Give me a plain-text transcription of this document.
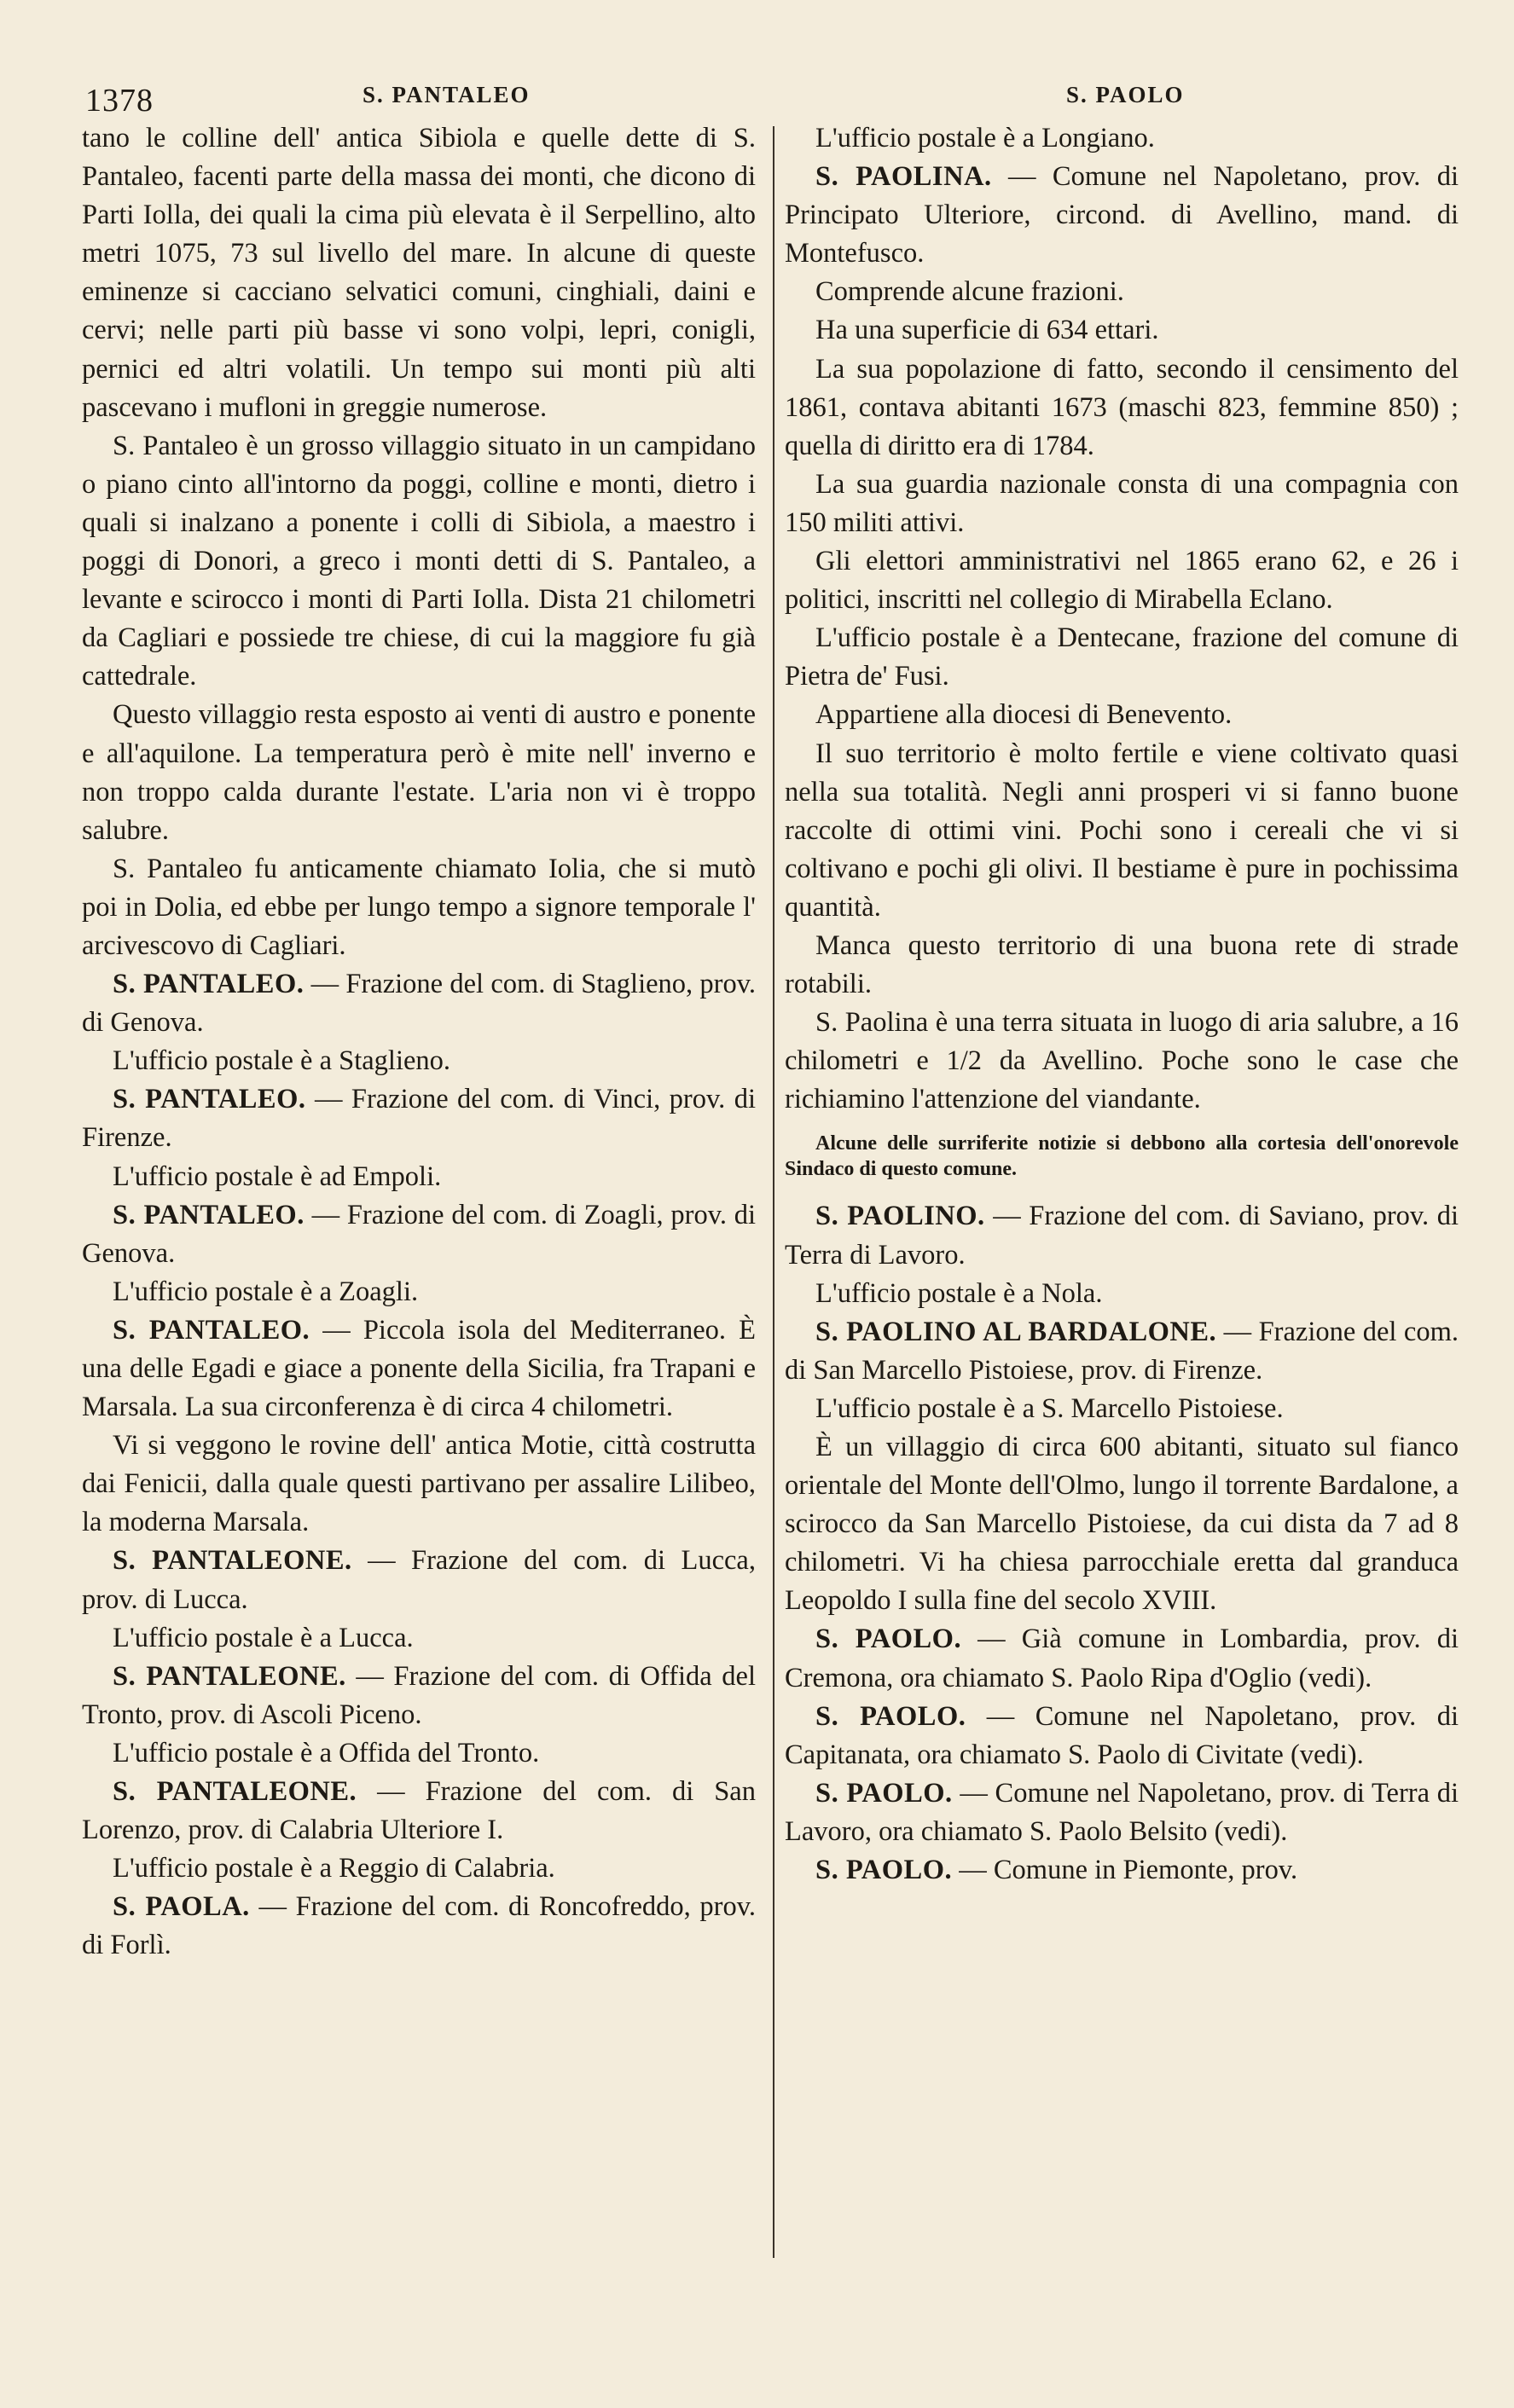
1378	S. PANTALEO	S. PAOLO

tano le colline dell' antica Sibiola e quelle dette di S. Pantaleo, facenti parte della massa dei monti, che dicono di Parti Iolla, dei quali la cima più elevata è il Serpellino, alto metri 1075, 73 sul livello del mare. In alcune di queste eminenze si cacciano selvatici comuni, cinghiali, daini e cervi; nelle parti più basse vi sono volpi, lepri, conigli, pernici ed altri volatili. Un tempo sui monti più alti pascevano i mufloni in greggie numerose.

S. Pantaleo è un grosso villaggio situato in un campidano o piano cinto all'intorno da poggi, colline e monti, dietro i quali si inalzano a ponente i colli di Sibiola, a maestro i poggi di Donori, a greco i monti detti di S. Pantaleo, a levante e scirocco i monti di Parti Iolla. Dista 21 chilometri da Cagliari e possiede tre chiese, di cui la maggiore fu già cattedrale.

Questo villaggio resta esposto ai venti di austro e ponente e all'aquilone. La temperatura però è mite nell' inverno e non troppo calda durante l'estate. L'aria non vi è troppo salubre.

S. Pantaleo fu anticamente chiamato Iolia, che si mutò poi in Dolia, ed ebbe per lungo tempo a signore temporale l' arcivescovo di Cagliari.

S. PANTALEO. — Frazione del com. di Staglieno, prov. di Genova.

L'ufficio postale è a Staglieno.

S. PANTALEO. — Frazione del com. di Vinci, prov. di Firenze.

L'ufficio postale è ad Empoli.

S. PANTALEO. — Frazione del com. di Zoagli, prov. di Genova.

L'ufficio postale è a Zoagli.

S. PANTALEO. — Piccola isola del Mediterraneo. È una delle Egadi e giace a ponente della Sicilia, fra Trapani e Marsala. La sua circonferenza è di circa 4 chilometri.

Vi si veggono le rovine dell' antica Motie, città costrutta dai Fenicii, dalla quale questi partivano per assalire Lilibeo, la moderna Marsala.

S. PANTALEONE. — Frazione del com. di Lucca, prov. di Lucca.

L'ufficio postale è a Lucca.

S. PANTALEONE. — Frazione del com. di Offida del Tronto, prov. di Ascoli Piceno.

L'ufficio postale è a Offida del Tronto.

S. PANTALEONE. — Frazione del com. di San Lorenzo, prov. di Calabria Ulteriore I.

L'ufficio postale è a Reggio di Calabria.

S. PAOLA. — Frazione del com. di Roncofreddo, prov. di Forlì.

L'ufficio postale è a Longiano.

S. PAOLINA. — Comune nel Napoletano, prov. di Principato Ulteriore, circond. di Avellino, mand. di Montefusco.

Comprende alcune frazioni.

Ha una superficie di 634 ettari.

La sua popolazione di fatto, secondo il censimento del 1861, contava abitanti 1673 (maschi 823, femmine 850) ; quella di diritto era di 1784.

La sua guardia nazionale consta di una compagnia con 150 militi attivi.

Gli elettori amministrativi nel 1865 erano 62, e 26 i politici, inscritti nel collegio di Mirabella Eclano.

L'ufficio postale è a Dentecane, frazione del comune di Pietra de' Fusi.

Appartiene alla diocesi di Benevento.

Il suo territorio è molto fertile e viene coltivato quasi nella sua totalità. Negli anni prosperi vi si fanno buone raccolte di ottimi vini. Pochi sono i cereali che vi si coltivano e pochi gli olivi. Il bestiame è pure in pochissima quantità.

Manca questo territorio di una buona rete di strade rotabili.

S. Paolina è una terra situata in luogo di aria salubre, a 16 chilometri e 1/2 da Avellino. Poche sono le case che richiamino l'attenzione del viandante.

Alcune delle surriferite notizie si debbono alla cortesia dell'onorevole Sindaco di questo comune.

S. PAOLINO. — Frazione del com. di Saviano, prov. di Terra di Lavoro.

L'ufficio postale è a Nola.

S. PAOLINO AL BARDALONE. — Frazione del com. di San Marcello Pistoiese, prov. di Firenze.

L'ufficio postale è a S. Marcello Pistoiese.

È un villaggio di circa 600 abitanti, situato sul fianco orientale del Monte dell'Olmo, lungo il torrente Bardalone, a scirocco da San Marcello Pistoiese, da cui dista da 7 ad 8 chilometri. Vi ha chiesa parrocchiale eretta dal granduca Leopoldo I sulla fine del secolo XVIII.

S. PAOLO. — Già comune in Lombardia, prov. di Cremona, ora chiamato S. Paolo Ripa d'Oglio (vedi).

S. PAOLO. — Comune nel Napoletano, prov. di Capitanata, ora chiamato S. Paolo di Civitate (vedi).

S. PAOLO. — Comune nel Napoletano, prov. di Terra di Lavoro, ora chiamato S. Paolo Belsito (vedi).

S. PAOLO. — Comune in Piemonte, prov.
